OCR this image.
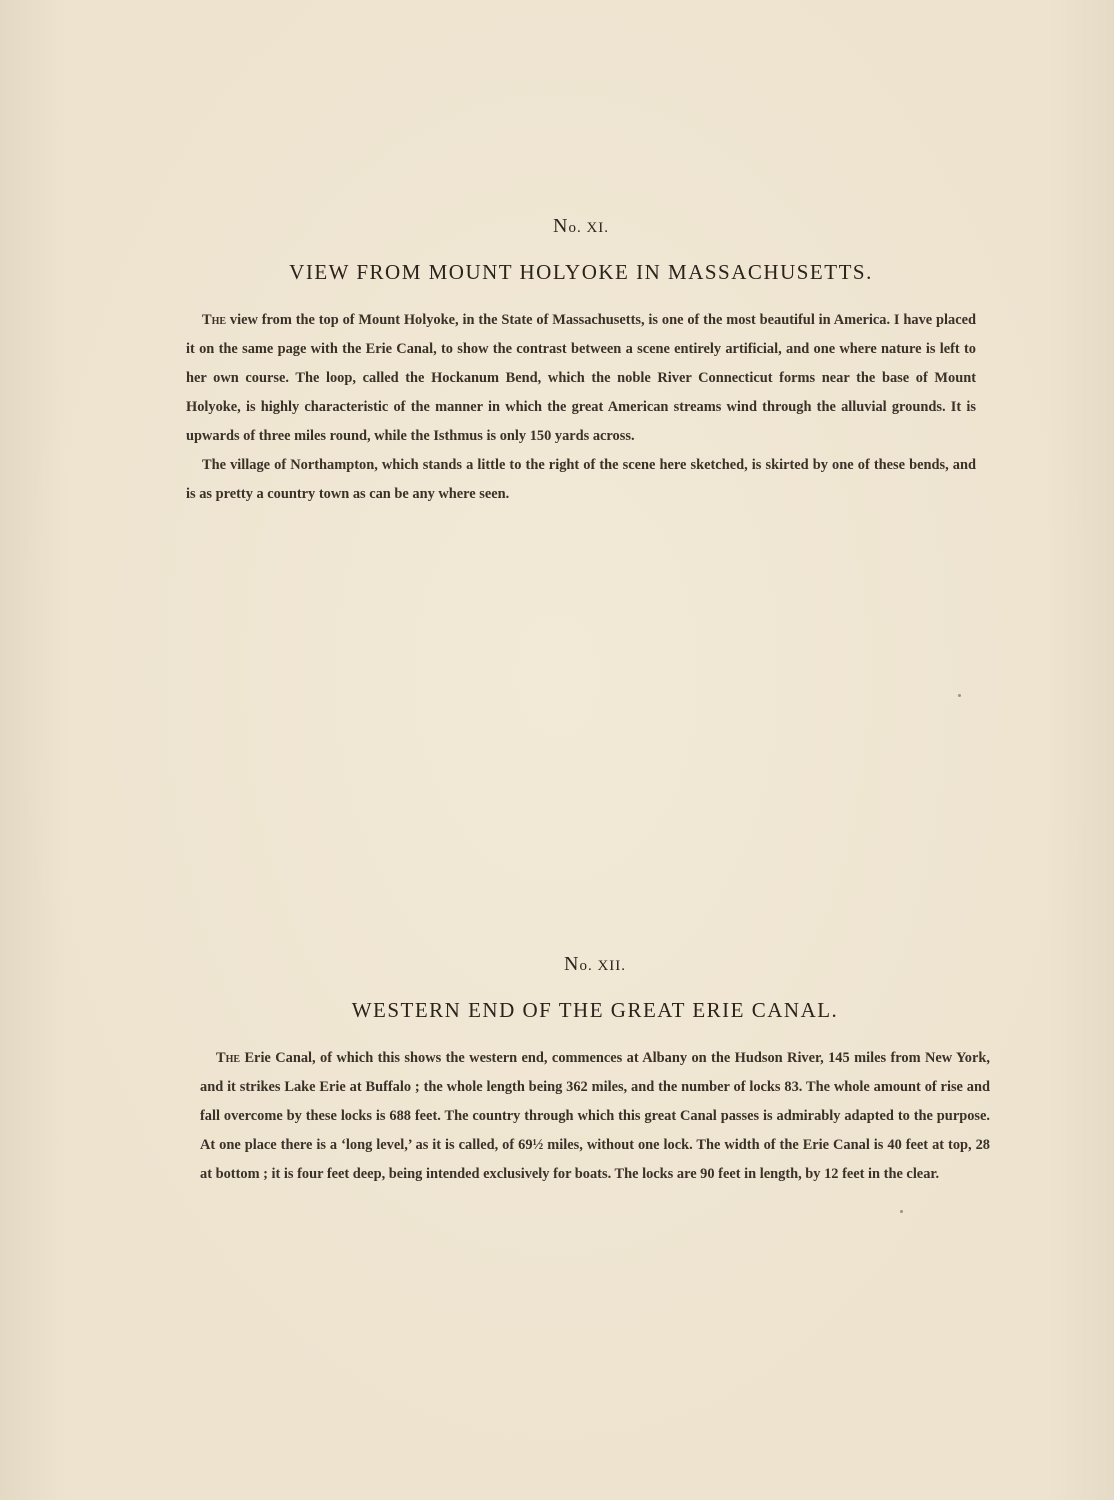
No. XI.
VIEW FROM MOUNT HOLYOKE IN MASSACHUSETTS.

The view from the top of Mount Holyoke, in the State of Massachusetts, is one of the most beautiful in America. I have placed it on the same page with the Erie Canal, to show the contrast between a scene entirely artificial, and one where nature is left to her own course. The loop, called the Hockanum Bend, which the noble River Connecticut forms near the base of Mount Holyoke, is highly characteristic of the manner in which the great American streams wind through the alluvial grounds. It is upwards of three miles round, while the Isthmus is only 150 yards across.

The village of Northampton, which stands a little to the right of the scene here sketched, is skirted by one of these bends, and is as pretty a country town as can be any where seen.

No. XII.
WESTERN END OF THE GREAT ERIE CANAL.

The Erie Canal, of which this shows the western end, commences at Albany on the Hudson River, 145 miles from New York, and it strikes Lake Erie at Buffalo ; the whole length being 362 miles, and the number of locks 83. The whole amount of rise and fall overcome by these locks is 688 feet. The country through which this great Canal passes is admirably adapted to the purpose. At one place there is a ‘long level,’ as it is called, of 69½ miles, without one lock. The width of the Erie Canal is 40 feet at top, 28 at bottom ; it is four feet deep, being intended exclusively for boats. The locks are 90 feet in length, by 12 feet in the clear.
